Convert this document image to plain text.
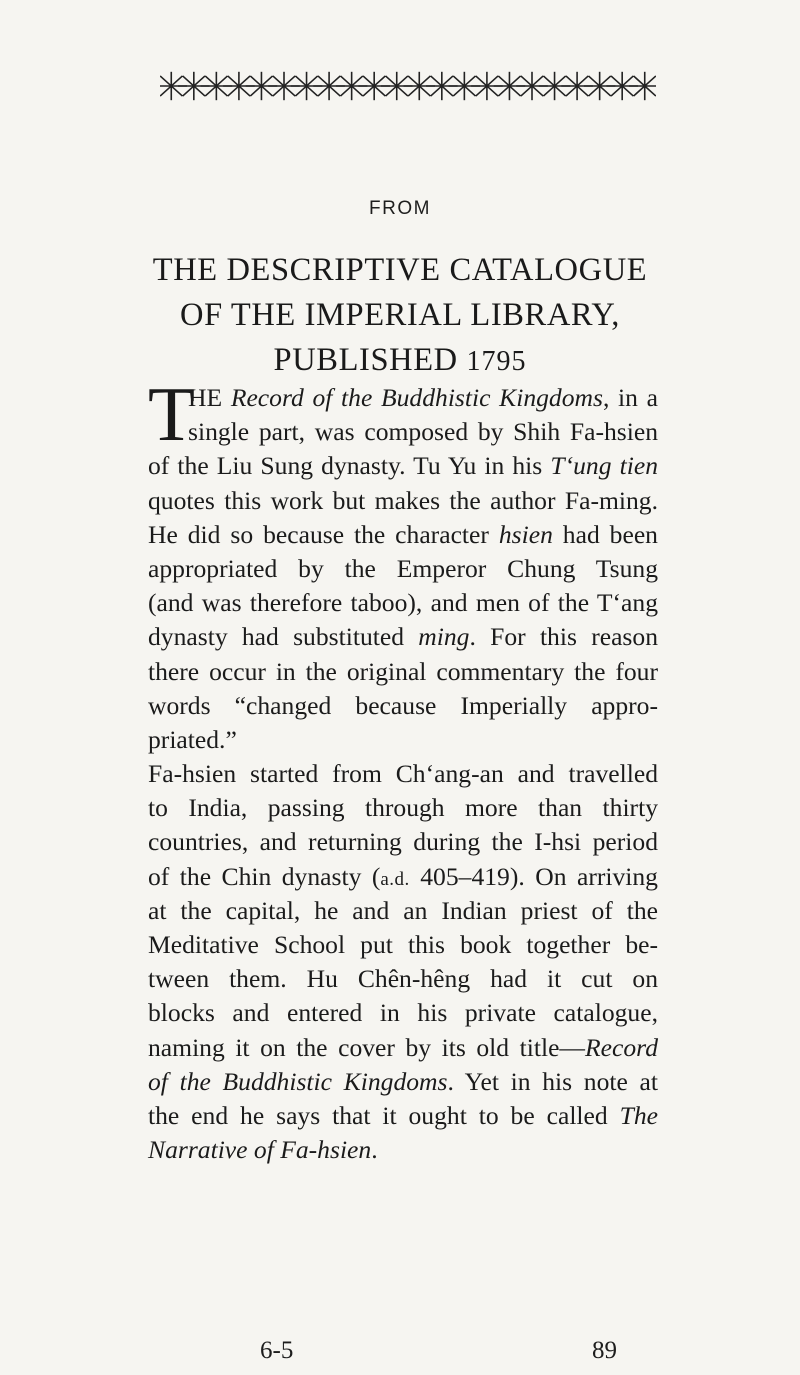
FROM
THE DESCRIPTIVE CATALOGUE
OF THE IMPERIAL LIBRARY,
PUBLISHED 1795
T
HE Record of the Buddhistic Kingdoms, in a
single part, was composed by Shih Fa-hsien
of the Liu Sung dynasty. Tu Yu in his T‘ung tien
quotes this work but makes the author Fa-ming.
He did so because the character hsien had been
appropriated by the Emperor Chung Tsung
(and was therefore taboo), and men of the T‘ang
dynasty had substituted ming. For this reason
there occur in the original commentary the four
words “changed because Imperially appro-
priated.”
Fa-hsien started from Ch‘ang-an and travelled
to India, passing through more than thirty
countries, and returning during the I-hsi period
of the Chin dynasty (a.d. 405–419). On arriving
at the capital, he and an Indian priest of the
Meditative School put this book together be-
tween them. Hu Chên-hêng had it cut on
blocks and entered in his private catalogue,
naming it on the cover by its old title—Record
of the Buddhistic Kingdoms. Yet in his note at
the end he says that it ought to be called The
Narrative of Fa-hsien.
6-5	89
